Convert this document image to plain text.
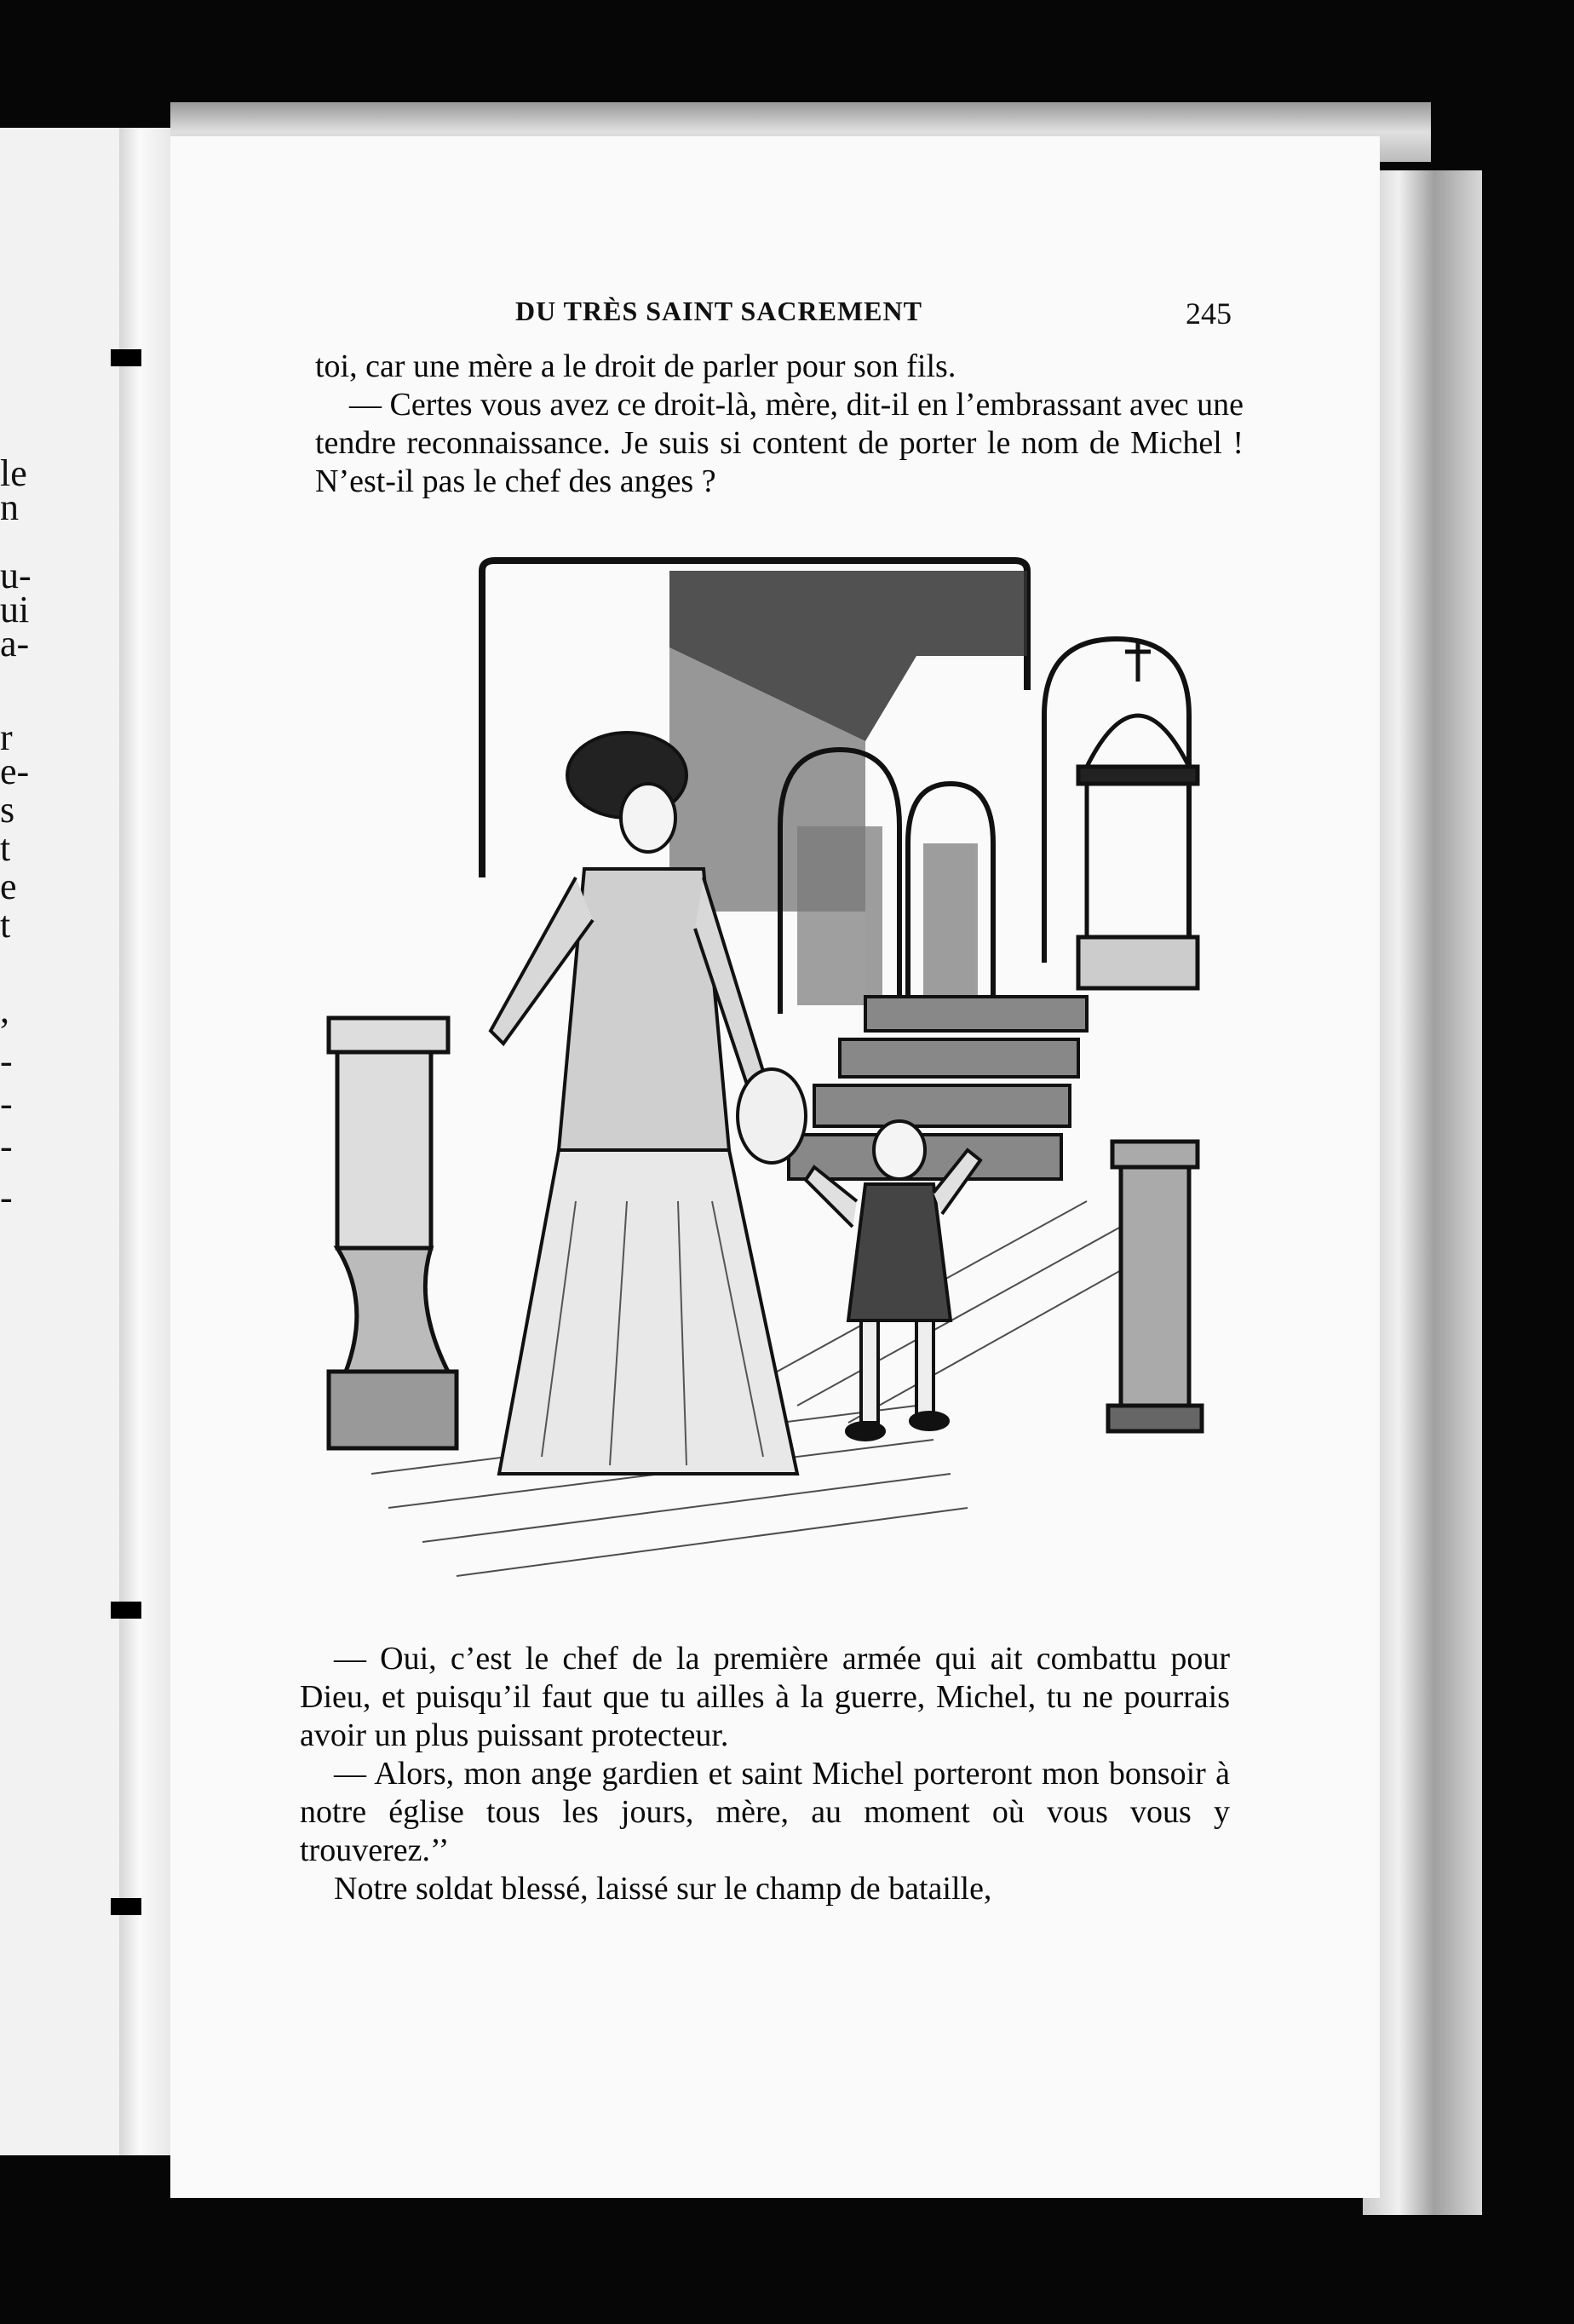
le
n
u-
ui
a-
r
e-
s
t
e
t
,
-
-
-
-
DU TRÈS SAINT SACREMENT	245

toi, car une mère a le droit de parler pour son fils.

— Certes vous avez ce droit-là, mère, dit-il en l’embrassant avec une tendre reconnaissance. Je suis si content de porter le nom de Michel ! N’est-il pas le chef des anges ?

— Oui, c’est le chef de la première armée qui ait combattu pour Dieu, et puisqu’il faut que tu ailles à la guerre, Michel, tu ne pourrais avoir un plus puissant protecteur.

— Alors, mon ange gardien et saint Michel porteront mon bonsoir à notre église tous les jours, mère, au moment où vous vous y trouverez.’’

Notre soldat blessé, laissé sur le champ de bataille,
